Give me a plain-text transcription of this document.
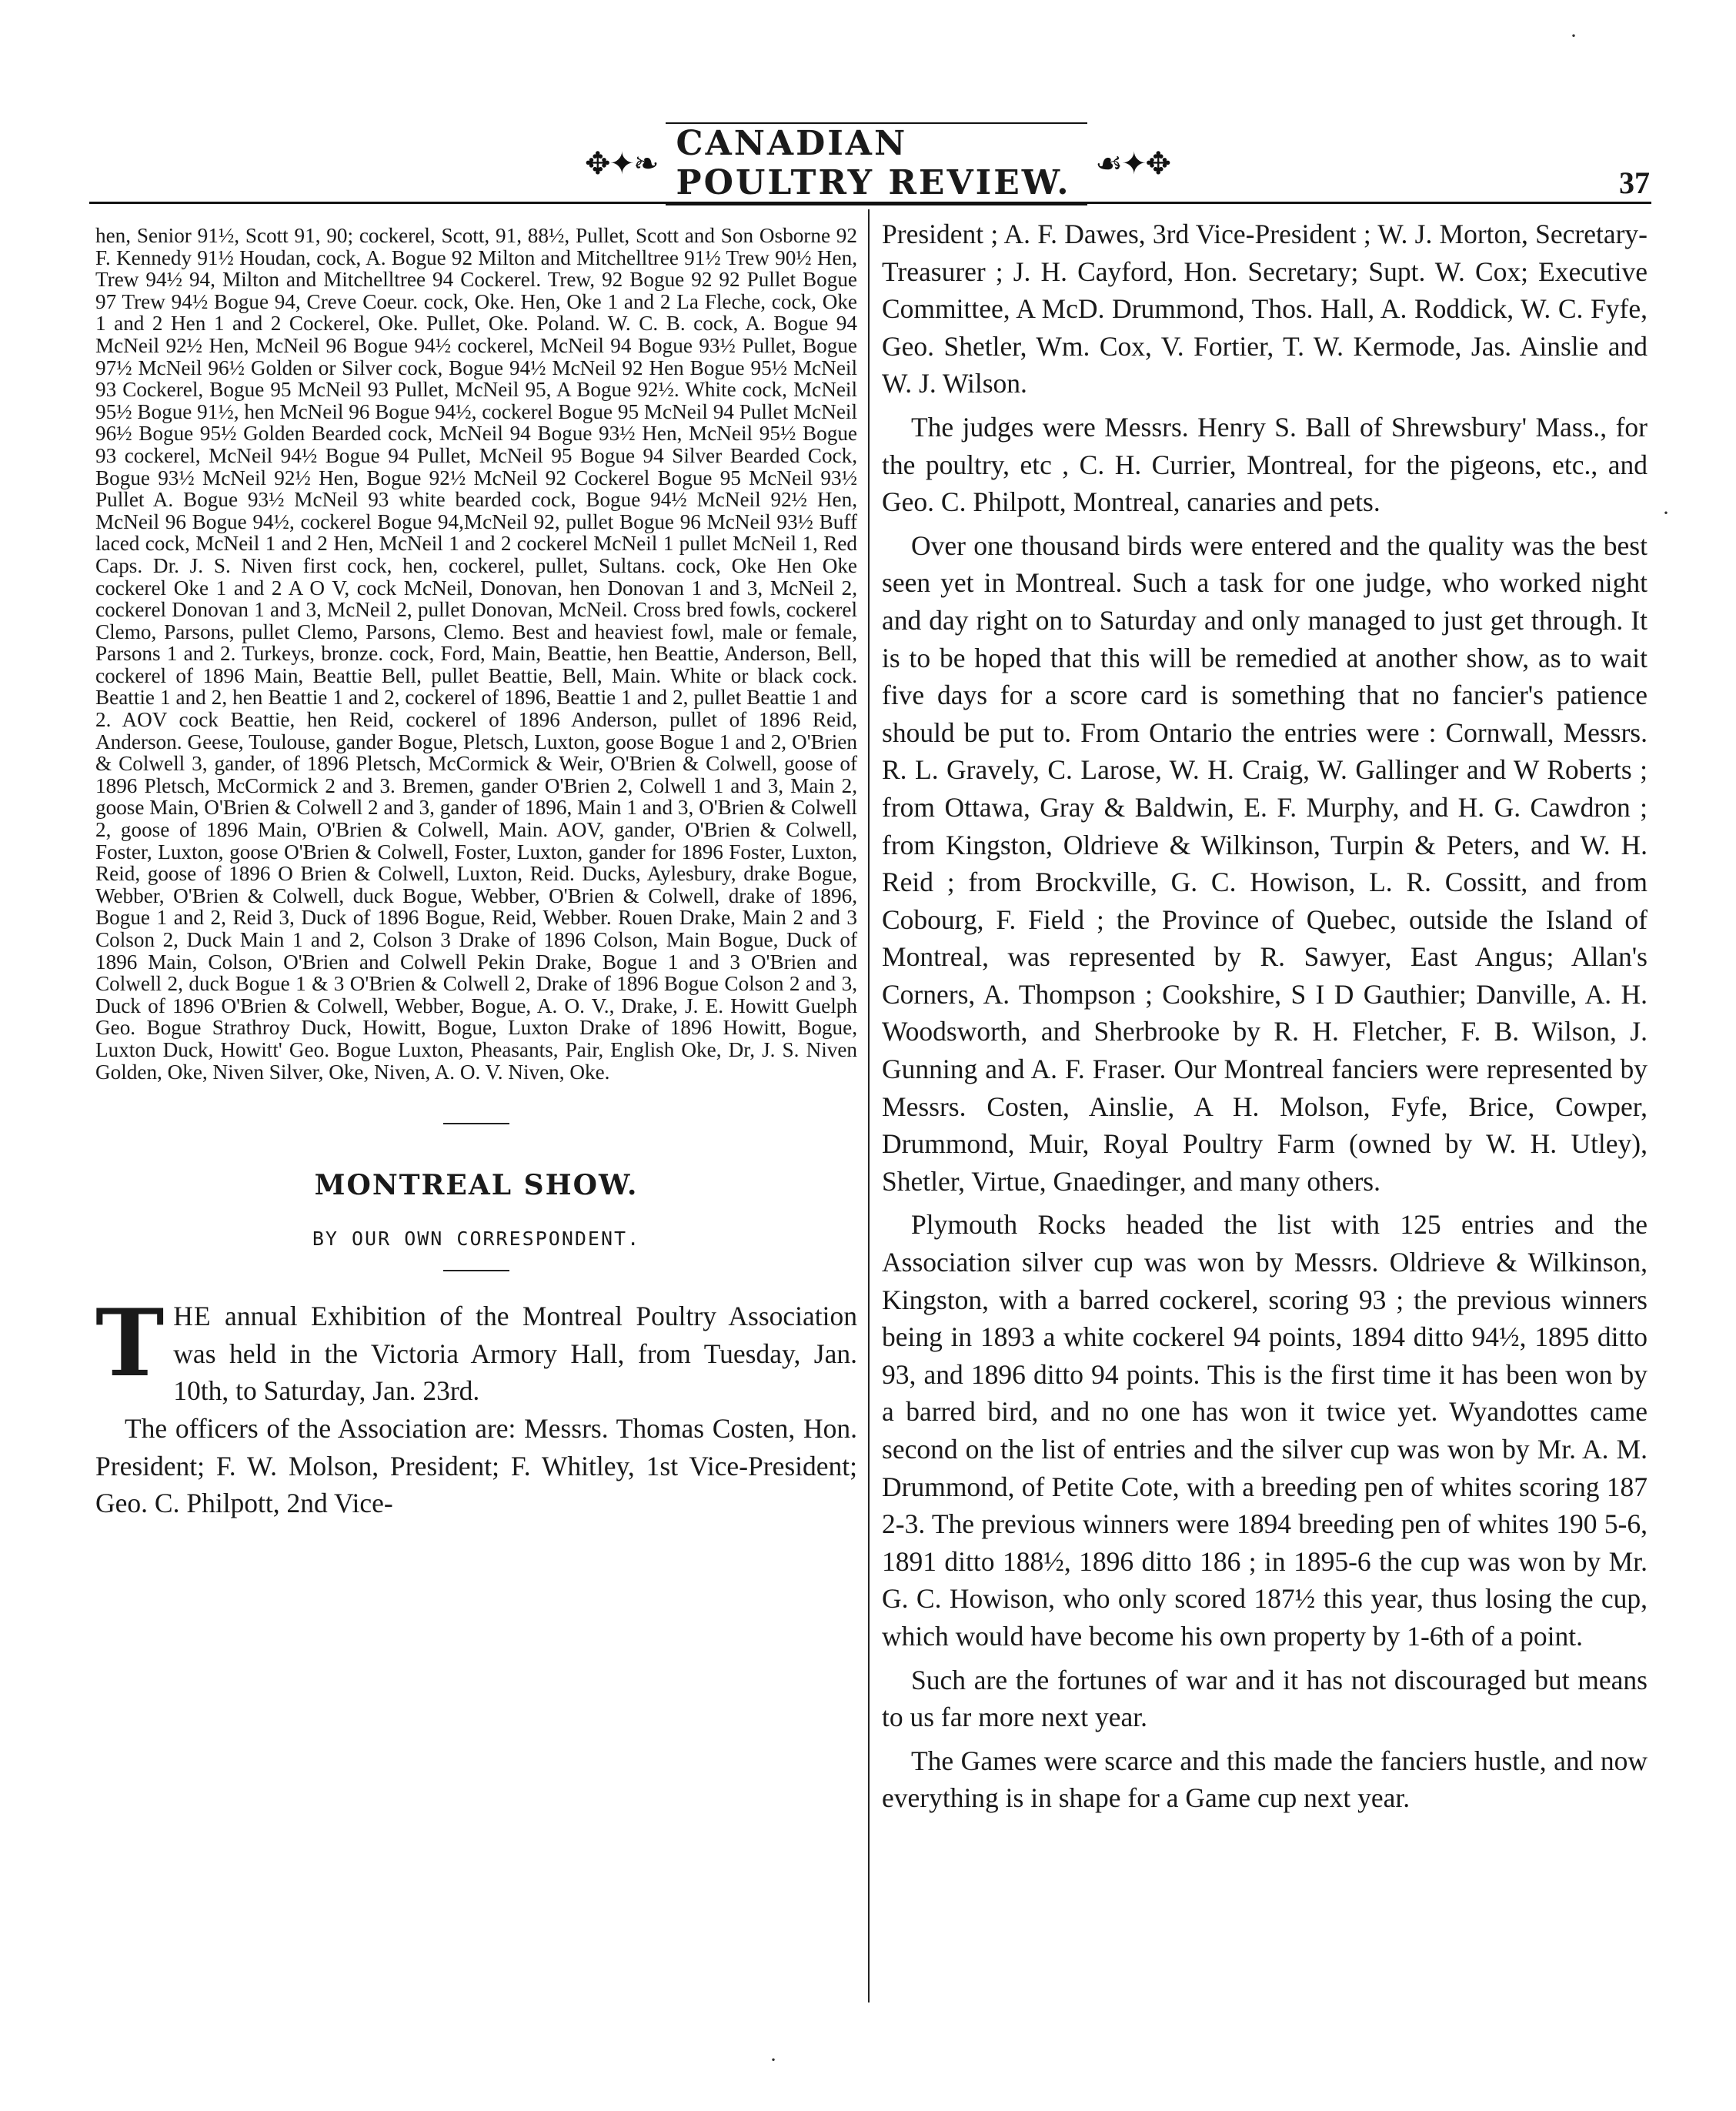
✥✦❧
CANADIAN POULTRY REVIEW. ☙✦✥
37

hen, Senior 91½, Scott 91, 90; cockerel, Scott, 91, 88½, Pullet, Scott and Son Osborne 92 F. Kennedy 91½ Houdan, cock, A. Bogue 92 Milton and Mitchelltree 91½ Trew 90½ Hen, Trew 94½ 94, Milton and Mitchelltree 94 Cockerel. Trew, 92 Bogue 92 92 Pullet Bogue 97 Trew 94½ Bogue 94, Creve Coeur. cock, Oke. Hen, Oke 1 and 2 La Fleche, cock, Oke 1 and 2 Hen 1 and 2 Cockerel, Oke. Pullet, Oke. Poland. W. C. B. cock, A. Bogue 94 McNeil 92½ Hen, McNeil 96 Bogue 94½ cockerel, McNeil 94 Bogue 93½ Pullet, Bogue 97½ McNeil 96½ Golden or Silver cock, Bogue 94½ McNeil 92 Hen Bogue 95½ McNeil 93 Cockerel, Bogue 95 McNeil 93 Pullet, McNeil 95, A Bogue 92½. White cock, McNeil 95½ Bogue 91½, hen McNeil 96 Bogue 94½, cockerel Bogue 95 McNeil 94 Pullet McNeil 96½ Bogue 95½ Golden Bearded cock, McNeil 94 Bogue 93½ Hen, McNeil 95½ Bogue 93 cockerel, McNeil 94½ Bogue 94 Pullet, McNeil 95 Bogue 94 Silver Bearded Cock, Bogue 93½ McNeil 92½ Hen, Bogue 92½ McNeil 92 Cockerel Bogue 95 McNeil 93½ Pullet A. Bogue 93½ McNeil 93 white bearded cock, Bogue 94½ McNeil 92½ Hen, McNeil 96 Bogue 94½, cockerel Bogue 94,McNeil 92, pullet Bogue 96 McNeil 93½ Buff laced cock, McNeil 1 and 2 Hen, McNeil 1 and 2 cockerel McNeil 1 pullet McNeil 1, Red Caps. Dr. J. S. Niven first cock, hen, cockerel, pullet, Sultans. cock, Oke Hen Oke cockerel Oke 1 and 2 A O V, cock McNeil, Donovan, hen Donovan 1 and 3, McNeil 2, cockerel Donovan 1 and 3, McNeil 2, pullet Donovan, McNeil. Cross bred fowls, cockerel Clemo, Parsons, pullet Clemo, Parsons, Clemo. Best and heaviest fowl, male or female, Parsons 1 and 2. Turkeys, bronze. cock, Ford, Main, Beattie, hen Beattie, Anderson, Bell, cockerel of 1896 Main, Beattie Bell, pullet Beattie, Bell, Main. White or black cock. Beattie 1 and 2, hen Beattie 1 and 2, cockerel of 1896, Beattie 1 and 2, pullet Beattie 1 and 2. AOV cock Beattie, hen Reid, cockerel of 1896 Anderson, pullet of 1896 Reid, Anderson. Geese, Toulouse, gander Bogue, Pletsch, Luxton, goose Bogue 1 and 2, O'Brien & Colwell 3, gander, of 1896 Pletsch, McCormick & Weir, O'Brien & Colwell, goose of 1896 Pletsch, McCormick 2 and 3. Bremen, gander O'Brien 2, Colwell 1 and 3, Main 2, goose Main, O'Brien & Colwell 2 and 3, gander of 1896, Main 1 and 3, O'Brien & Colwell 2, goose of 1896 Main, O'Brien & Colwell, Main. AOV, gander, O'Brien & Colwell, Foster, Luxton, goose O'Brien & Colwell, Foster, Luxton, gander for 1896 Foster, Luxton, Reid, goose of 1896 O Brien & Colwell, Luxton, Reid. Ducks, Aylesbury, drake Bogue, Webber, O'Brien & Colwell, duck Bogue, Webber, O'Brien & Colwell, drake of 1896, Bogue 1 and 2, Reid 3, Duck of 1896 Bogue, Reid, Webber. Rouen Drake, Main 2 and 3 Colson 2, Duck Main 1 and 2, Colson 3 Drake of 1896 Colson, Main Bogue, Duck of 1896 Main, Colson, O'Brien and Colwell Pekin Drake, Bogue 1 and 3 O'Brien and Colwell 2, duck Bogue 1 & 3 O'Brien & Colwell 2, Drake of 1896 Bogue Colson 2 and 3, Duck of 1896 O'Brien & Colwell, Webber, Bogue, A. O. V., Drake, J. E. Howitt Guelph Geo. Bogue Strathroy Duck, Howitt, Bogue, Luxton Drake of 1896 Howitt, Bogue, Luxton Duck, Howitt' Geo. Bogue Luxton, Pheasants, Pair, English Oke, Dr, J. S. Niven Golden, Oke, Niven Silver, Oke, Niven, A. O. V. Niven, Oke.

MONTREAL SHOW.
BY OUR OWN CORRESPONDENT.

THE annual Exhibition of the Montreal Poultry Association was held in the Victoria Armory Hall, from Tuesday, Jan. 10th, to Saturday, Jan. 23rd.

The officers of the Association are: Messrs. Thomas Costen, Hon. President; F. W. Molson, President; F. Whitley, 1st Vice-President; Geo. C. Philpott, 2nd Vice-

President ; A. F. Dawes, 3rd Vice-President ; W. J. Morton, Secretary-Treasurer ; J. H. Cayford, Hon. Secretary; Supt. W. Cox; Executive Committee, A McD. Drummond, Thos. Hall, A. Roddick, W. C. Fyfe, Geo. Shetler, Wm. Cox, V. Fortier, T. W. Kermode, Jas. Ainslie and W. J. Wilson.

The judges were Messrs. Henry S. Ball of Shrewsbury' Mass., for the poultry, etc , C. H. Currier, Montreal, for the pigeons, etc., and Geo. C. Philpott, Montreal, canaries and pets.

Over one thousand birds were entered and the quality was the best seen yet in Montreal. Such a task for one judge, who worked night and day right on to Saturday and only managed to just get through. It is to be hoped that this will be remedied at another show, as to wait five days for a score card is something that no fancier's patience should be put to. From Ontario the entries were : Cornwall, Messrs. R. L. Gravely, C. Larose, W. H. Craig, W. Gallinger and W Roberts ; from Ottawa, Gray & Baldwin, E. F. Murphy, and H. G. Cawdron ; from Kingston, Oldrieve & Wilkinson, Turpin & Peters, and W. H. Reid ; from Brockville, G. C. Howison, L. R. Cossitt, and from Cobourg, F. Field ; the Province of Quebec, outside the Island of Montreal, was represented by R. Sawyer, East Angus; Allan's Corners, A. Thompson ; Cookshire, S I D Gauthier; Danville, A. H. Woodsworth, and Sherbrooke by R. H. Fletcher, F. B. Wilson, J. Gunning and A. F. Fraser. Our Montreal fanciers were represented by Messrs. Costen, Ainslie, A H. Molson, Fyfe, Brice, Cowper, Drummond, Muir, Royal Poultry Farm (owned by W. H. Utley), Shetler, Virtue, Gnaedinger, and many others.

Plymouth Rocks headed the list with 125 entries and the Association silver cup was won by Messrs. Oldrieve & Wilkinson, Kingston, with a barred cockerel, scoring 93 ; the previous winners being in 1893 a white cockerel 94 points, 1894 ditto 94½, 1895 ditto 93, and 1896 ditto 94 points. This is the first time it has been won by a barred bird, and no one has won it twice yet. Wyandottes came second on the list of entries and the silver cup was won by Mr. A. M. Drummond, of Petite Cote, with a breeding pen of whites scoring 187 2-3. The previous winners were 1894 breeding pen of whites 190 5-6, 1891 ditto 188½, 1896 ditto 186 ; in 1895-6 the cup was won by Mr. G. C. Howison, who only scored 187½ this year, thus losing the cup, which would have become his own property by 1-6th of a point.

Such are the fortunes of war and it has not discouraged but means to us far more next year.

The Games were scarce and this made the fanciers hustle, and now everything is in shape for a Game cup next year.

·
·
·
